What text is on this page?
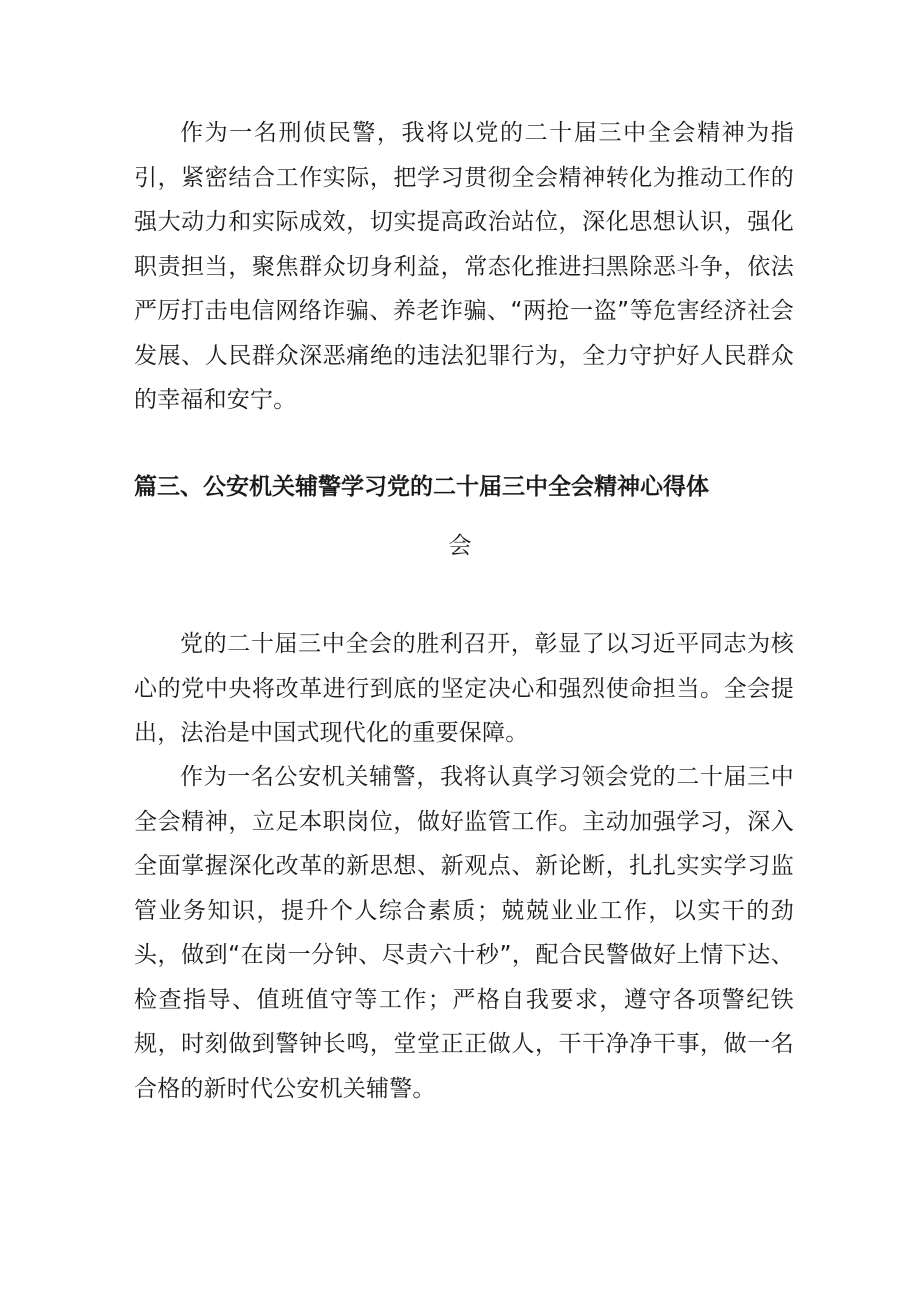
作为一名刑侦民警，我将以党的二十届三中全会精神为指引，紧密结合工作实际，把学习贯彻全会精神转化为推动工作的强大动力和实际成效，切实提高政治站位，深化思想认识，强化职责担当，聚焦群众切身利益，常态化推进扫黑除恶斗争，依法严厉打击电信网络诈骗、养老诈骗、“两抢一盗”等危害经济社会发展、人民群众深恶痛绝的违法犯罪行为，全力守护好人民群众的幸福和安宁。

篇三、公安机关辅警学习党的二十届三中全会精神心得体

会

党的二十届三中全会的胜利召开，彰显了以习近平同志为核心的党中央将改革进行到底的坚定决心和强烈使命担当。全会提出，法治是中国式现代化的重要保障。

作为一名公安机关辅警，我将认真学习领会党的二十届三中全会精神，立足本职岗位，做好监管工作。主动加强学习，深入全面掌握深化改革的新思想、新观点、新论断，扎扎实实学习监管业务知识，提升个人综合素质；兢兢业业工作，以实干的劲头，做到“在岗一分钟、尽责六十秒”，配合民警做好上情下达、检查指导、值班值守等工作；严格自我要求，遵守各项警纪铁规，时刻做到警钟长鸣，堂堂正正做人，干干净净干事，做一名合格的新时代公安机关辅警。
